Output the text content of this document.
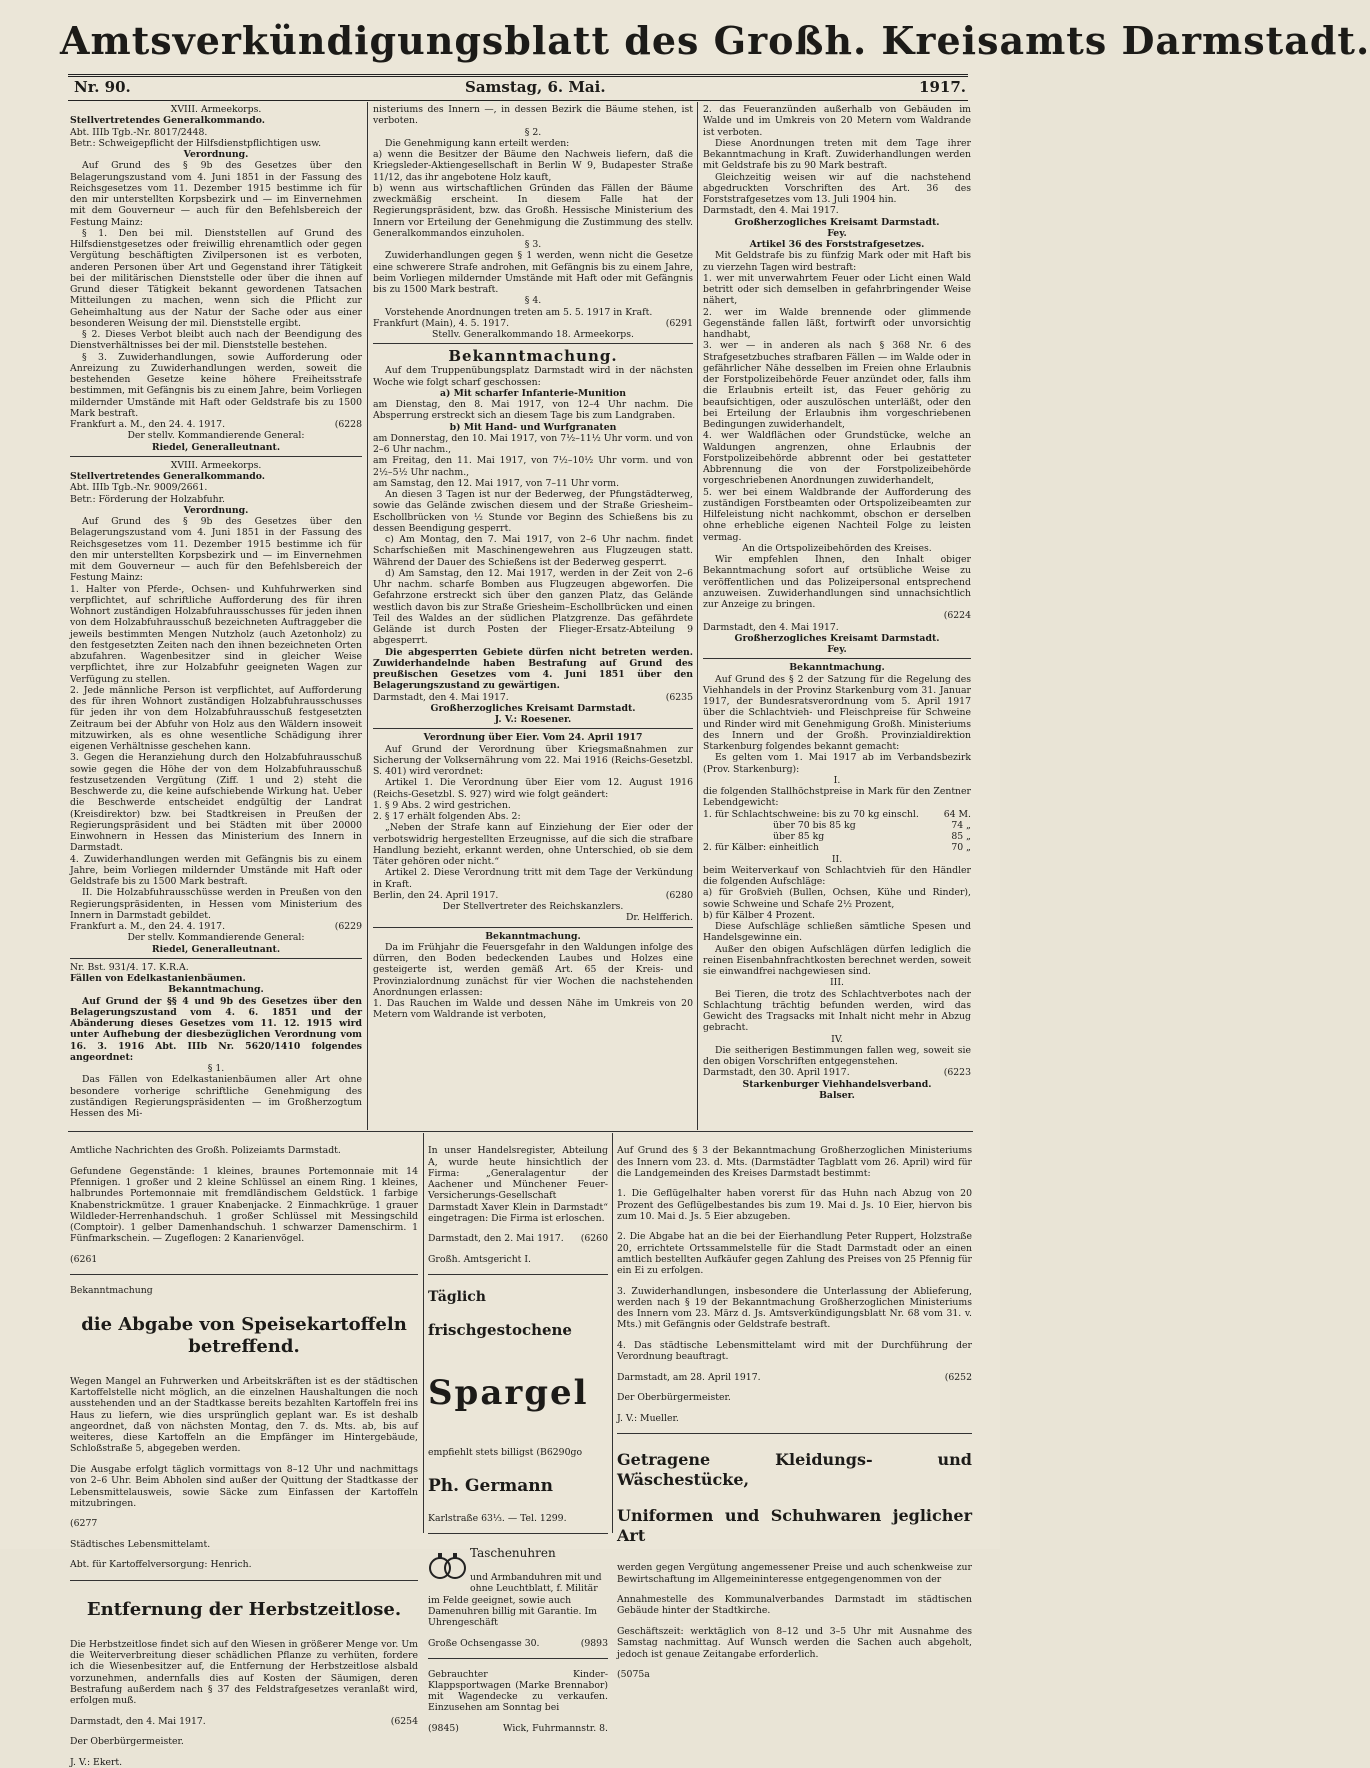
Amtsverkündigungsblatt des Großh. Kreisamts Darmstadt.
Nr. 90.	Samstag, 6. Mai.	1917.

XVIII. Armeekorps.

Stellvertretendes Generalkommando.

Abt. IIIb Tgb.-Nr. 8017/2448.

Betr.: Schweigepflicht der Hilfsdienstpflichtigen usw.

Verordnung.

Auf Grund des § 9b des Gesetzes über den Belagerungszustand vom 4. Juni 1851 in der Fassung des Reichsgesetzes vom 11. Dezember 1915 bestimme ich für den mir unterstellten Korpsbezirk und — im Einvernehmen mit dem Gouverneur — auch für den Befehlsbereich der Festung Mainz:

§ 1. Den bei mil. Dienststellen auf Grund des Hilfsdienstgesetzes oder freiwillig ehrenamtlich oder gegen Vergütung beschäftigten Zivilpersonen ist es verboten, anderen Personen über Art und Gegenstand ihrer Tätigkeit bei der militärischen Dienststelle oder über die ihnen auf Grund dieser Tätigkeit bekannt gewordenen Tatsachen Mitteilungen zu machen, wenn sich die Pflicht zur Geheimhaltung aus der Natur der Sache oder aus einer besonderen Weisung der mil. Dienststelle ergibt.

§ 2. Dieses Verbot bleibt auch nach der Beendigung des Dienstverhältnisses bei der mil. Dienststelle bestehen.

§ 3. Zuwiderhandlungen, sowie Aufforderung oder Anreizung zu Zuwiderhandlungen werden, soweit die bestehenden Gesetze keine höhere Freiheitsstrafe bestimmen, mit Gefängnis bis zu einem Jahre, beim Vorliegen mildernder Umstände mit Haft oder Geldstrafe bis zu 1500 Mark bestraft.

Frankfurt a. M., den 24. 4. 1917.	(6228

Der stellv. Kommandierende General:

Riedel, Generalleutnant.

XVIII. Armeekorps.

Stellvertretendes Generalkommando.

Abt. IIIb Tgb.-Nr. 9009/2661.

Betr.: Förderung der Holzabfuhr.

Verordnung.

Auf Grund des § 9b des Gesetzes über den Belagerungszustand vom 4. Juni 1851 in der Fassung des Reichsgesetzes vom 11. Dezember 1915 bestimme ich für den mir unterstellten Korpsbezirk und — im Einvernehmen mit dem Gouverneur — auch für den Befehlsbereich der Festung Mainz:

1. Halter von Pferde-, Ochsen- und Kuhfuhrwerken sind verpflichtet, auf schriftliche Aufforderung des für ihren Wohnort zuständigen Holzabfuhrausschusses für jeden ihnen von dem Holzabfuhrausschuß bezeichneten Auftraggeber die jeweils bestimmten Mengen Nutzholz (auch Azetonholz) zu den festgesetzten Zeiten nach den ihnen bezeichneten Orten abzufahren. Wagenbesitzer sind in gleicher Weise verpflichtet, ihre zur Holzabfuhr geeigneten Wagen zur Verfügung zu stellen.

2. Jede männliche Person ist verpflichtet, auf Aufforderung des für ihren Wohnort zuständigen Holzabfuhrausschusses für jeden ihr von dem Holzabfuhrausschuß festgesetzten Zeitraum bei der Abfuhr von Holz aus den Wäldern insoweit mitzuwirken, als es ohne wesentliche Schädigung ihrer eigenen Verhältnisse geschehen kann.

3. Gegen die Heranziehung durch den Holzabfuhrausschuß sowie gegen die Höhe der von dem Holzabfuhrausschuß festzusetzenden Vergütung (Ziff. 1 und 2) steht die Beschwerde zu, die keine aufschiebende Wirkung hat. Ueber die Beschwerde entscheidet endgültig der Landrat (Kreisdirektor) bzw. bei Stadtkreisen in Preußen der Regierungspräsident und bei Städten mit über 20000 Einwohnern in Hessen das Ministerium des Innern in Darmstadt.

4. Zuwiderhandlungen werden mit Gefängnis bis zu einem Jahre, beim Vorliegen mildernder Umstände mit Haft oder Geldstrafe bis zu 1500 Mark bestraft.

II. Die Holzabfuhrausschüsse werden in Preußen von den Regierungspräsidenten, in Hessen vom Ministerium des Innern in Darmstadt gebildet.

Frankfurt a. M., den 24. 4. 1917.	(6229

Der stellv. Kommandierende General:

Riedel, Generalleutnant.

Nr. Bst. 931/4. 17. K.R.A.

Fällen von Edelkastanienbäumen.

Bekanntmachung.

Auf Grund der §§ 4 und 9b des Gesetzes über den Belagerungszustand vom 4. 6. 1851 und der Abänderung dieses Gesetzes vom 11. 12. 1915 wird unter Aufhebung der diesbezüglichen Verordnung vom 16. 3. 1916 Abt. IIIb Nr. 5620/1410 folgendes angeordnet:

§ 1.

Das Fällen von Edelkastanienbäumen aller Art ohne besondere vorherige schriftliche Genehmigung des zuständigen Regierungspräsidenten — im Großherzogtum Hessen des Mi-

nisteriums des Innern —, in dessen Bezirk die Bäume stehen, ist verboten.

§ 2.

Die Genehmigung kann erteilt werden:

a) wenn die Besitzer der Bäume den Nachweis liefern, daß die Kriegsleder-Aktiengesellschaft in Berlin W 9, Budapester Straße 11/12, das ihr angebotene Holz kauft,

b) wenn aus wirtschaftlichen Gründen das Fällen der Bäume zweckmäßig erscheint. In diesem Falle hat der Regierungspräsident, bzw. das Großh. Hessische Ministerium des Innern vor Erteilung der Genehmigung die Zustimmung des stellv. Generalkommandos einzuholen.

§ 3.

Zuwiderhandlungen gegen § 1 werden, wenn nicht die Gesetze eine schwerere Strafe androhen, mit Gefängnis bis zu einem Jahre, beim Vorliegen mildernder Umstände mit Haft oder mit Gefängnis bis zu 1500 Mark bestraft.

§ 4.

Vorstehende Anordnungen treten am 5. 5. 1917 in Kraft.

Frankfurt (Main), 4. 5. 1917.	(6291

Stellv. Generalkommando 18. Armeekorps.

Bekanntmachung.

Auf dem Truppenübungsplatz Darmstadt wird in der nächsten Woche wie folgt scharf geschossen:

a) Mit scharfer Infanterie-Munition

am Dienstag, den 8. Mai 1917, von 12–4 Uhr nachm. Die Absperrung erstreckt sich an diesem Tage bis zum Landgraben.

b) Mit Hand- und Wurfgranaten

am Donnerstag, den 10. Mai 1917, von 7½–11½ Uhr vorm. und von 2–6 Uhr nachm.,

am Freitag, den 11. Mai 1917, von 7½–10½ Uhr vorm. und von 2½–5½ Uhr nachm.,

am Samstag, den 12. Mai 1917, von 7–11 Uhr vorm.

An diesen 3 Tagen ist nur der Bederweg, der Pfungstädterweg, sowie das Gelände zwischen diesem und der Straße Griesheim–Eschollbrücken von ½ Stunde vor Beginn des Schießens bis zu dessen Beendigung gesperrt.

c) Am Montag, den 7. Mai 1917, von 2–6 Uhr nachm. findet Scharfschießen mit Maschinengewehren aus Flugzeugen statt. Während der Dauer des Schießens ist der Bederweg gesperrt.

d) Am Samstag, den 12. Mai 1917, werden in der Zeit von 2–6 Uhr nachm. scharfe Bomben aus Flugzeugen abgeworfen. Die Gefahrzone erstreckt sich über den ganzen Platz, das Gelände westlich davon bis zur Straße Griesheim–Eschollbrücken und einen Teil des Waldes an der südlichen Platzgrenze. Das gefährdete Gelände ist durch Posten der Flieger-Ersatz-Abteilung 9 abgesperrt.

Die abgesperrten Gebiete dürfen nicht betreten werden. Zuwiderhandelnde haben Bestrafung auf Grund des preußischen Gesetzes vom 4. Juni 1851 über den Belagerungszustand zu gewärtigen.

Darmstadt, den 4. Mai 1917.	(6235

Großherzogliches Kreisamt Darmstadt.

J. V.: Roesener.

Verordnung über Eier. Vom 24. April 1917

Auf Grund der Verordnung über Kriegsmaßnahmen zur Sicherung der Volksernährung vom 22. Mai 1916 (Reichs-Gesetzbl. S. 401) wird verordnet:

Artikel 1. Die Verordnung über Eier vom 12. August 1916 (Reichs-Gesetzbl. S. 927) wird wie folgt geändert:

1. § 9 Abs. 2 wird gestrichen.

2. § 17 erhält folgenden Abs. 2:

„Neben der Strafe kann auf Einziehung der Eier oder der verbotswidrig hergestellten Erzeugnisse, auf die sich die strafbare Handlung bezieht, erkannt werden, ohne Unterschied, ob sie dem Täter gehören oder nicht.“

Artikel 2. Diese Verordnung tritt mit dem Tage der Verkündung in Kraft.

Berlin, den 24. April 1917.	(6280

Der Stellvertreter des Reichskanzlers.

Dr. Helfferich.

Bekanntmachung.

Da im Frühjahr die Feuersgefahr in den Waldungen infolge des dürren, den Boden bedeckenden Laubes und Holzes eine gesteigerte ist, werden gemäß Art. 65 der Kreis- und Provinzialordnung zunächst für vier Wochen die nachstehenden Anordnungen erlassen:

1. Das Rauchen im Walde und dessen Nähe im Umkreis von 20 Metern vom Waldrande ist verboten,

2. das Feueranzünden außerhalb von Gebäuden im Walde und im Umkreis von 20 Metern vom Waldrande ist verboten.

Diese Anordnungen treten mit dem Tage ihrer Bekanntmachung in Kraft. Zuwiderhandlungen werden mit Geldstrafe bis zu 90 Mark bestraft.

Gleichzeitig weisen wir auf die nachstehend abgedruckten Vorschriften des Art. 36 des Forststrafgesetzes vom 13. Juli 1904 hin.

Darmstadt, den 4. Mai 1917.

Großherzogliches Kreisamt Darmstadt.

Fey.

Artikel 36 des Forststrafgesetzes.

Mit Geldstrafe bis zu fünfzig Mark oder mit Haft bis zu vierzehn Tagen wird bestraft:

1. wer mit unverwahrtem Feuer oder Licht einen Wald betritt oder sich demselben in gefahrbringender Weise nähert,

2. wer im Walde brennende oder glimmende Gegenstände fallen läßt, fortwirft oder unvorsichtig handhabt,

3. wer — in anderen als nach § 368 Nr. 6 des Strafgesetzbuches strafbaren Fällen — im Walde oder in gefährlicher Nähe desselben im Freien ohne Erlaubnis der Forstpolizeibehörde Feuer anzündet oder, falls ihm die Erlaubnis erteilt ist, das Feuer gehörig zu beaufsichtigen, oder auszulöschen unterläßt, oder den bei Erteilung der Erlaubnis ihm vorgeschriebenen Bedingungen zuwiderhandelt,

4. wer Waldflächen oder Grundstücke, welche an Waldungen angrenzen, ohne Erlaubnis der Forstpolizeibehörde abbrennt oder bei gestatteter Abbrennung die von der Forstpolizeibehörde vorgeschriebenen Anordnungen zuwiderhandelt,

5. wer bei einem Waldbrande der Aufforderung des zuständigen Forstbeamten oder Ortspolizeibeamten zur Hilfeleistung nicht nachkommt, obschon er derselben ohne erhebliche eigenen Nachteil Folge zu leisten vermag.

An die Ortspolizeibehörden des Kreises.

Wir empfehlen Ihnen, den Inhalt obiger Bekanntmachung sofort auf ortsübliche Weise zu veröffentlichen und das Polizeipersonal entsprechend anzuweisen. Zuwiderhandlungen sind unnachsichtlich zur Anzeige zu bringen.

(6224

Darmstadt, den 4. Mai 1917.

Großherzogliches Kreisamt Darmstadt.

Fey.

Bekanntmachung.

Auf Grund des § 2 der Satzung für die Regelung des Viehhandels in der Provinz Starkenburg vom 31. Januar 1917, der Bundesratsverordnung vom 5. April 1917 über die Schlachtvieh- und Fleischpreise für Schweine und Rinder wird mit Genehmigung Großh. Ministeriums des Innern und der Großh. Provinzialdirektion Starkenburg folgendes bekannt gemacht:

Es gelten vom 1. Mai 1917 ab im Verbandsbezirk (Prov. Starkenburg):

I.

die folgenden Stallhöchstpreise in Mark für den Zentner Lebendgewicht:

1. für Schlachtschweine: bis zu 70 kg einschl.	64 M.

über 70 bis 85 kg	74 „

über 85 kg	85 „

2. für Kälber: einheitlich	70 „

II.

beim Weiterverkauf von Schlachtvieh für den Händler die folgenden Aufschläge:

a) für Großvieh (Bullen, Ochsen, Kühe und Rinder), sowie Schweine und Schafe 2½ Prozent,

b) für Kälber 4 Prozent.

Diese Aufschläge schließen sämtliche Spesen und Handelsgewinne ein.

Außer den obigen Aufschlägen dürfen lediglich die reinen Eisenbahnfrachtkosten berechnet werden, soweit sie einwandfrei nachgewiesen sind.

III.

Bei Tieren, die trotz des Schlachtverbotes nach der Schlachtung trächtig befunden werden, wird das Gewicht des Tragsacks mit Inhalt nicht mehr in Abzug gebracht.

IV.

Die seitherigen Bestimmungen fallen weg, soweit sie den obigen Vorschriften entgegenstehen.

Darmstadt, den 30. April 1917.	(6223

Starkenburger Viehhandelsverband.

Balser.

Amtliche Nachrichten des Großh. Polizeiamts Darmstadt.

Gefundene Gegenstände: 1 kleines, braunes Portemonnaie mit 14 Pfennigen. 1 großer und 2 kleine Schlüssel an einem Ring. 1 kleines, halbrundes Portemonnaie mit fremdländischem Geldstück. 1 farbige Knabenstrickmütze. 1 grauer Knabenjacke. 2 Einmachkrüge. 1 grauer Wildleder-Herrenhandschuh. 1 großer Schlüssel mit Messingschild (Comptoir). 1 gelber Damenhandschuh. 1 schwarzer Damenschirm. 1 Fünfmarkschein. — Zugeflogen: 2 Kanarienvögel.

(6261

Bekanntmachung

die Abgabe von Speisekartoffeln betreffend.

Wegen Mangel an Fuhrwerken und Arbeitskräften ist es der städtischen Kartoffelstelle nicht möglich, an die einzelnen Haushaltungen die noch ausstehenden und an der Stadtkasse bereits bezahlten Kartoffeln frei ins Haus zu liefern, wie dies ursprünglich geplant war. Es ist deshalb angeordnet, daß von nächsten Montag, den 7. ds. Mts. ab, bis auf weiteres, diese Kartoffeln an die Empfänger im Hintergebäude, Schloßstraße 5, abgegeben werden.

Die Ausgabe erfolgt täglich vormittags von 8–12 Uhr und nachmittags von 2–6 Uhr. Beim Abholen sind außer der Quittung der Stadtkasse der Lebensmittelausweis, sowie Säcke zum Einfassen der Kartoffeln mitzubringen.

(6277

Städtisches Lebensmittelamt.

Abt. für Kartoffelversorgung: Henrich.

Entfernung der Herbstzeitlose.

Die Herbstzeitlose findet sich auf den Wiesen in größerer Menge vor. Um die Weiterverbreitung dieser schädlichen Pflanze zu verhüten, fordere ich die Wiesenbesitzer auf, die Entfernung der Herbstzeitlose alsbald vorzunehmen, andernfalls dies auf Kosten der Säumigen, deren Bestrafung außerdem nach § 37 des Feldstrafgesetzes veranlaßt wird, erfolgen muß.

Darmstadt, den 4. Mai 1917.	(6254

Der Oberbürgermeister.

J. V.: Ekert.

In unser Handelsregister, Abteilung A, wurde heute hinsichtlich der Firma: „Generalagentur der Aachener und Münchener Feuer-Versicherungs-Gesellschaft Darmstadt Xaver Klein in Darmstadt“ eingetragen: Die Firma ist erloschen.

Darmstadt, den 2. Mai 1917. (6260

Großh. Amtsgericht I.

Täglich

frischgestochene

Spargel

empfiehlt stets billigst (B6290go

Ph. Germann

Karlstraße 63⅓. — Tel. 1299.

Taschenuhren

und Armbanduhren mit und ohne Leuchtblatt, f. Militär im Felde geeignet, sowie auch Damenuhren billig mit Garantie. Im Uhrengeschäft

Große Ochsengasse 30.	(9893

Gebrauchter Kinder-Klappsportwagen (Marke Brennabor) mit Wagendecke zu verkaufen. Einzusehen am Sonntag bei

(9845)	Wick, Fuhrmannstr. 8.

Auf Grund des § 3 der Bekanntmachung Großherzoglichen Ministeriums des Innern vom 23. d. Mts. (Darmstädter Tagblatt vom 26. April) wird für die Landgemeinden des Kreises Darmstadt bestimmt:

1. Die Geflügelhalter haben vorerst für das Huhn nach Abzug von 20 Prozent des Geflügelbestandes bis zum 19. Mai d. Js. 10 Eier, hiervon bis zum 10. Mai d. Js. 5 Eier abzugeben.

2. Die Abgabe hat an die bei der Eierhandlung Peter Ruppert, Holzstraße 20, errichtete Ortssammelstelle für die Stadt Darmstadt oder an einen amtlich bestellten Aufkäufer gegen Zahlung des Preises von 25 Pfennig für ein Ei zu erfolgen.

3. Zuwiderhandlungen, insbesondere die Unterlassung der Ablieferung, werden nach § 19 der Bekanntmachung Großherzoglichen Ministeriums des Innern vom 23. März d. Js. Amtsverkündigungsblatt Nr. 68 vom 31. v. Mts.) mit Gefängnis oder Geldstrafe bestraft.

4. Das städtische Lebensmittelamt wird mit der Durchführung der Verordnung beauftragt.

Darmstadt, am 28. April 1917.	(6252

Der Oberbürgermeister.

J. V.: Mueller.

Getragene Kleidungs- und Wäschestücke,

Uniformen und Schuhwaren jeglicher Art

werden gegen Vergütung angemessener Preise und auch schenkweise zur Bewirtschaftung im Allgemeininteresse entgegengenommen von der

Annahmestelle des Kommunalverbandes Darmstadt im städtischen Gebäude hinter der Stadtkirche.

Geschäftszeit: werktäglich von 8–12 und 3–5 Uhr mit Ausnahme des Samstag nachmittag. Auf Wunsch werden die Sachen auch abgeholt, jedoch ist genaue Zeitangabe erforderlich.

(5075a
